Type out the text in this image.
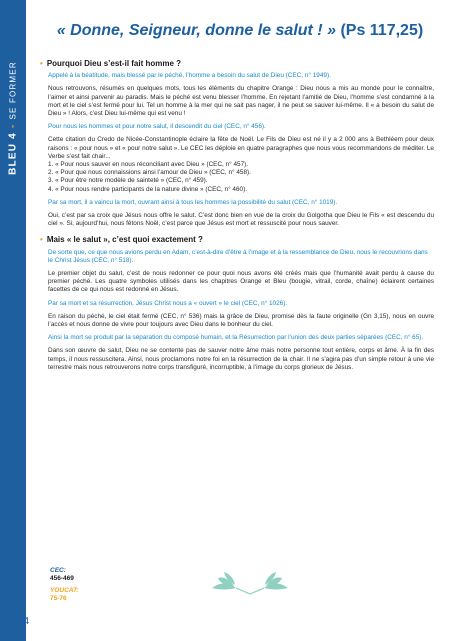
BLEU 4 - SE FORMER
« Donne, Seigneur, donne le salut ! » (Ps 117,25)
• Pourquoi Dieu s’est-il fait homme ?
Appelé à la béatitude, mais blessé par le péché, l’homme a besoin du salut de Dieu (CEC, n° 1949).

Nous retrouvons, résumés en quelques mots, tous les éléments du chapitre Orange : Dieu nous a mis au monde pour le connaître, l’aimer et ainsi parvenir au paradis. Mais le péché est venu blesser l’homme. En rejetant l’amitié de Dieu, l’homme s’est condamné à la mort et le ciel s’est fermé pour lui. Tel un homme à la mer qui ne sait pas nager, il ne peut se sauver lui-même. Il « a besoin du salut de Dieu » ! Alors, c’est Dieu lui-même qui est venu !

Pour nous les hommes et pour notre salut, il descendit du ciel (CEC, n° 456).

Cette citation du Credo de Nicée-Constantinople éclaire la fête de Noël. Le Fils de Dieu est né il y a 2 000 ans à Bethléem pour deux raisons : « pour nous » et « pour notre salut ». Le CEC les déploie en quatre paragraphes que nous vous recommandons de méditer. Le Verbe s’est fait chair...

1. « Pour nous sauver en nous réconciliant avec Dieu » (CEC, n° 457).
2. « Pour que nous connaissions ainsi l’amour de Dieu » (CEC, n° 458).
3. « Pour être notre modèle de sainteté » (CEC, n° 459).
4. « Pour nous rendre participants de la nature divine » (CEC, n° 460).
Par sa mort, il a vaincu la mort, ouvrant ainsi à tous les hommes la possibilité du salut (CEC, n° 1019).

Oui, c’est par sa croix que Jésus nous offre le salut. C’est donc bien en vue de la croix du Golgotha que Dieu le Fils « est descendu du ciel ». Si, aujourd’hui, nous fêtons Noël, c’est parce que Jésus est mort et ressuscité pour nous sauver.

• Mais « le salut », c’est quoi exactement ?
De sorte que, ce que nous avions perdu en Adam, c’est-à-dire d’être à l’image et à la ressemblance de Dieu, nous le recouvrions dans le Christ Jésus (CEC, n° 518).

Le premier objet du salut, c’est de nous redonner ce pour quoi nous avons été créés mais que l’humanité avait perdu à cause du premier péché. Les quatre symboles utilisés dans les chapitres Orange et Bleu (bougie, vitrail, corde, chaîne) éclairent certaines facettes de ce qui nous est redonné en Jésus.

Par sa mort et sa résurrection, Jésus Christ nous a « ouvert » le ciel (CEC, n° 1026).

En raison du péché, le ciel était fermé (CEC, n° 536) mais la grâce de Dieu, promise dès la faute originelle (Gn 3,15), nous en ouvre l’accès et nous donne de vivre pour toujours avec Dieu dans le bonheur du ciel.

Ainsi la mort se produit par la séparation du composé humain, et la Résurrection par l’union des deux parties séparées (CEC, n° 65).

Dans son œuvre de salut, Dieu ne se contente pas de sauver notre âme mais notre personne tout entière, corps et âme. À la fin des temps, il nous ressuscitera. Ainsi, nous proclamons notre foi en la résurrection de la chair. Il ne s’agira pas d’un simple retour à une vie terrestre mais nous retrouverons notre corps transfiguré, incorruptible, à l’image du corps glorieux de Jésus.

CEC:
456-469
YOUCAT:
75-76
94
